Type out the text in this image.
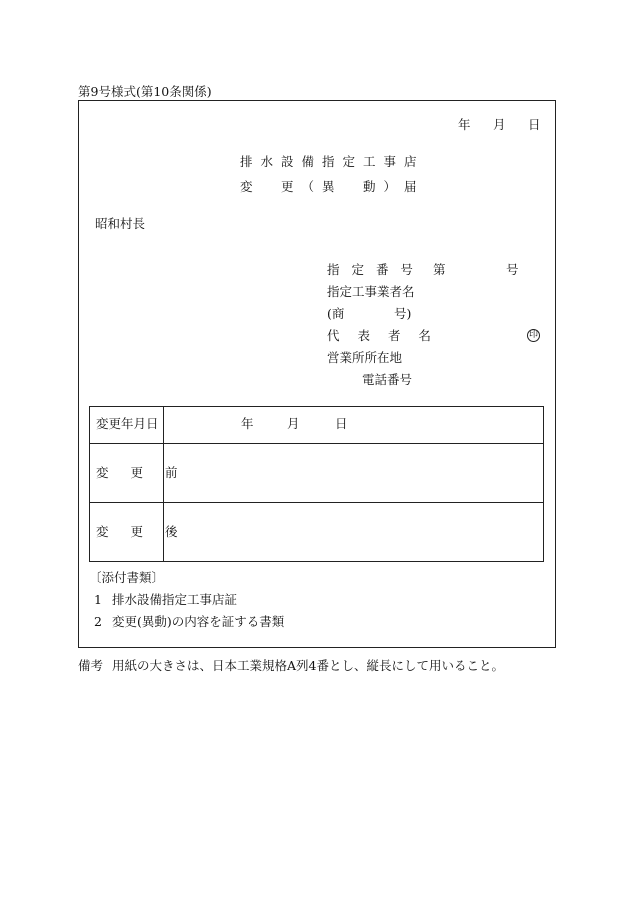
第9号様式(第10条関係)
年 月 日
排水設備指定工事店
変　更（異　動）届
昭和村長
指 定 番 号 第	号
指定工事業者名
(商	号)
代 表 者 名	印
営業所所在地
電話番号
変更年月日	年	月	日
変 更 前
変 更 後
〔添付書類〕
1 排水設備指定工事店証
2 変更(異動)の内容を証する書類
備考 用紙の大きさは、日本工業規格A列4番とし、縦長にして用いること。
